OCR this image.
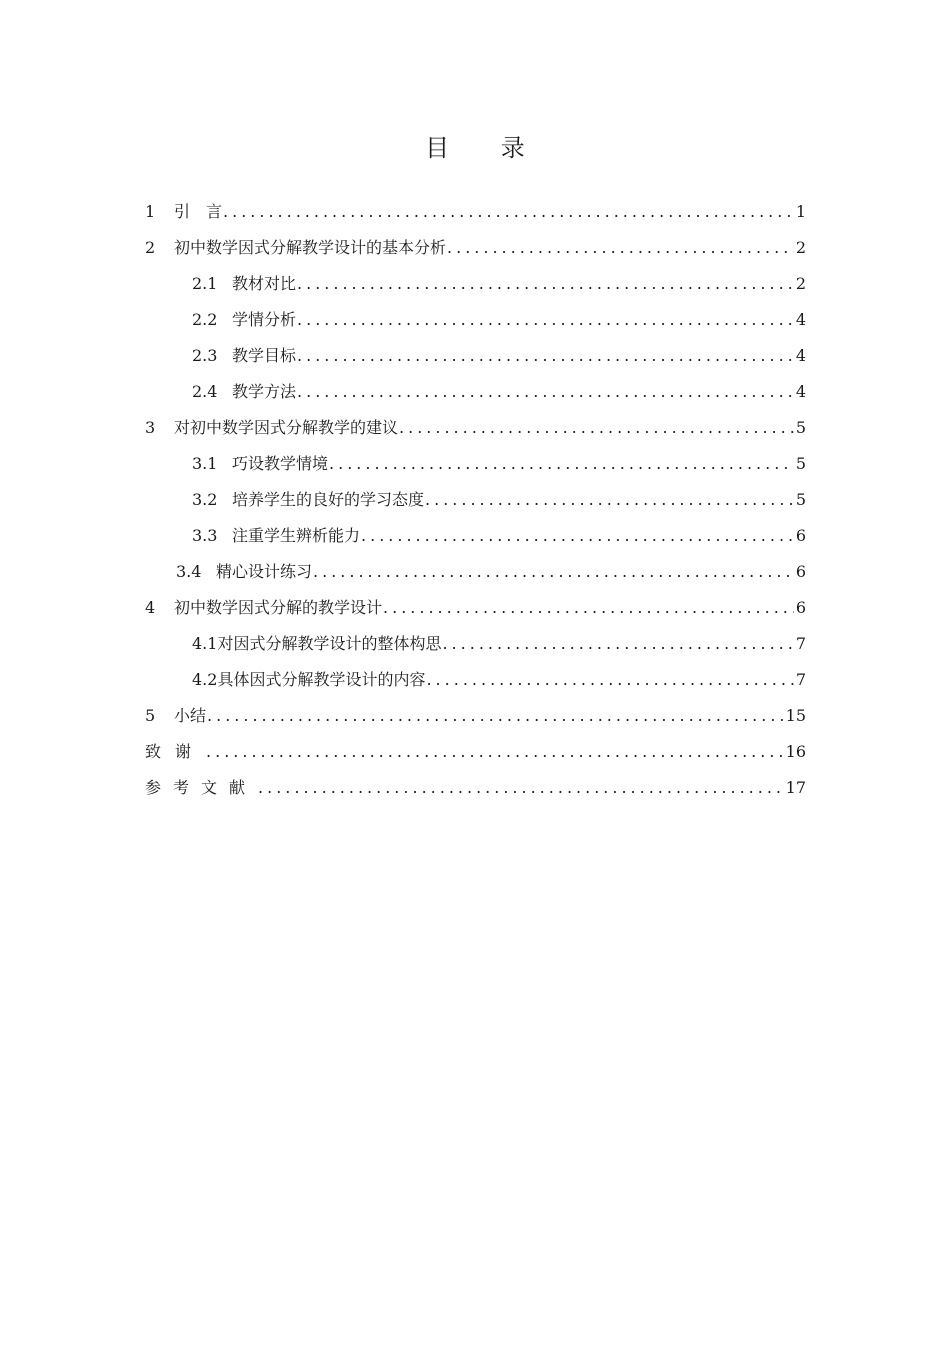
目 录
1	引　言 .....	1
2	初中数学因式分解教学设计的基本分析 .....	2
2.1 教材对比 .....	2
2.2 学情分析 .....	4
2.3 教学目标 .....	4
2.4 教学方法 .....	4
3	对初中数学因式分解教学的建议 .....	5
3.1 巧设教学情境 .....	5
3.2 培养学生的良好的学习态度 .....	5
3.3 注重学生辨析能力 .....	6
3.4 精心设计练习 .....	6
4	初中数学因式分解的教学设计 .....	6
4.1 对因式分解教学设计的整体构思 .....	7
4.2 具体因式分解教学设计的内容 .....	7
5	小结 .....	15
致谢 .....	16
参考文献 .....	17
